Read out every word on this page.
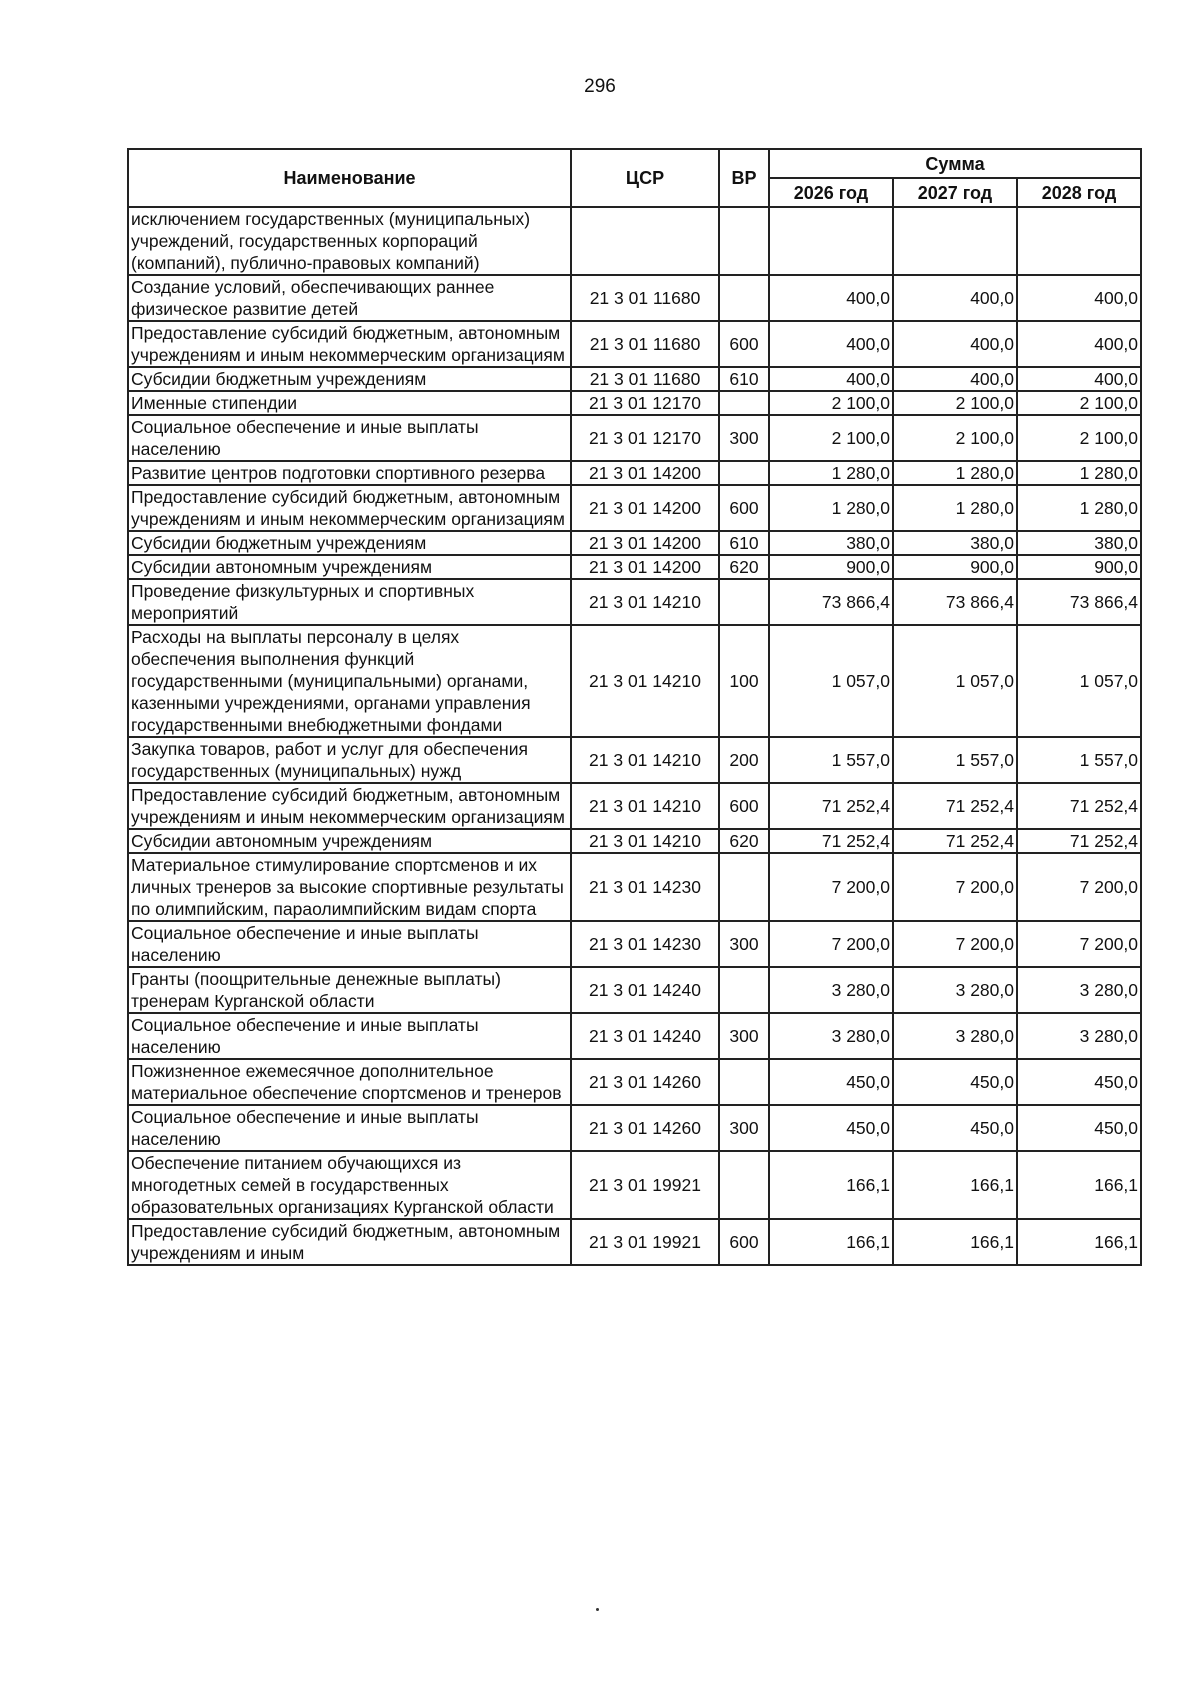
296
Наименование	ЦСР	ВР	Сумма		
			2026 год	2027 год	2028 год
исключением государственных (муниципальных) учреждений, государственных корпораций (компаний), публично-правовых компаний)					
Создание условий, обеспечивающих раннее физическое развитие детей	21 3 01 11680		400,0	400,0	400,0
Предоставление субсидий бюджетным, автономным учреждениям и иным некоммерческим организациям	21 3 01 11680	600	400,0	400,0	400,0
Субсидии бюджетным учреждениям	21 3 01 11680	610	400,0	400,0	400,0
Именные стипендии	21 3 01 12170		2 100,0	2 100,0	2 100,0
Социальное обеспечение и иные выплаты населению	21 3 01 12170	300	2 100,0	2 100,0	2 100,0
Развитие центров подготовки спортивного резерва	21 3 01 14200		1 280,0	1 280,0	1 280,0
Предоставление субсидий бюджетным, автономным учреждениям и иным некоммерческим организациям	21 3 01 14200	600	1 280,0	1 280,0	1 280,0
Субсидии бюджетным учреждениям	21 3 01 14200	610	380,0	380,0	380,0
Субсидии автономным учреждениям	21 3 01 14200	620	900,0	900,0	900,0
Проведение физкультурных и спортивных мероприятий	21 3 01 14210		73 866,4	73 866,4	73 866,4
Расходы на выплаты персоналу в целях обеспечения выполнения функций государственными (муниципальными) органами, казенными учреждениями, органами управления государственными внебюджетными фондами	21 3 01 14210	100	1 057,0	1 057,0	1 057,0
Закупка товаров, работ и услуг для обеспечения государственных (муниципальных) нужд	21 3 01 14210	200	1 557,0	1 557,0	1 557,0
Предоставление субсидий бюджетным, автономным учреждениям и иным некоммерческим организациям	21 3 01 14210	600	71 252,4	71 252,4	71 252,4
Субсидии автономным учреждениям	21 3 01 14210	620	71 252,4	71 252,4	71 252,4
Материальное стимулирование спортсменов и их личных тренеров за высокие спортивные результаты по олимпийским, параолимпийским видам спорта	21 3 01 14230		7 200,0	7 200,0	7 200,0
Социальное обеспечение и иные выплаты населению	21 3 01 14230	300	7 200,0	7 200,0	7 200,0
Гранты (поощрительные денежные выплаты) тренерам Курганской области	21 3 01 14240		3 280,0	3 280,0	3 280,0
Социальное обеспечение и иные выплаты населению	21 3 01 14240	300	3 280,0	3 280,0	3 280,0
Пожизненное ежемесячное дополнительное материальное обеспечение спортсменов и тренеров	21 3 01 14260		450,0	450,0	450,0
Социальное обеспечение и иные выплаты населению	21 3 01 14260	300	450,0	450,0	450,0
Обеспечение питанием обучающихся из многодетных семей в государственных образовательных организациях Курганской области	21 3 01 19921		166,1	166,1	166,1
Предоставление субсидий бюджетным, автономным учреждениям и иным	21 3 01 19921	600	166,1	166,1	166,1
